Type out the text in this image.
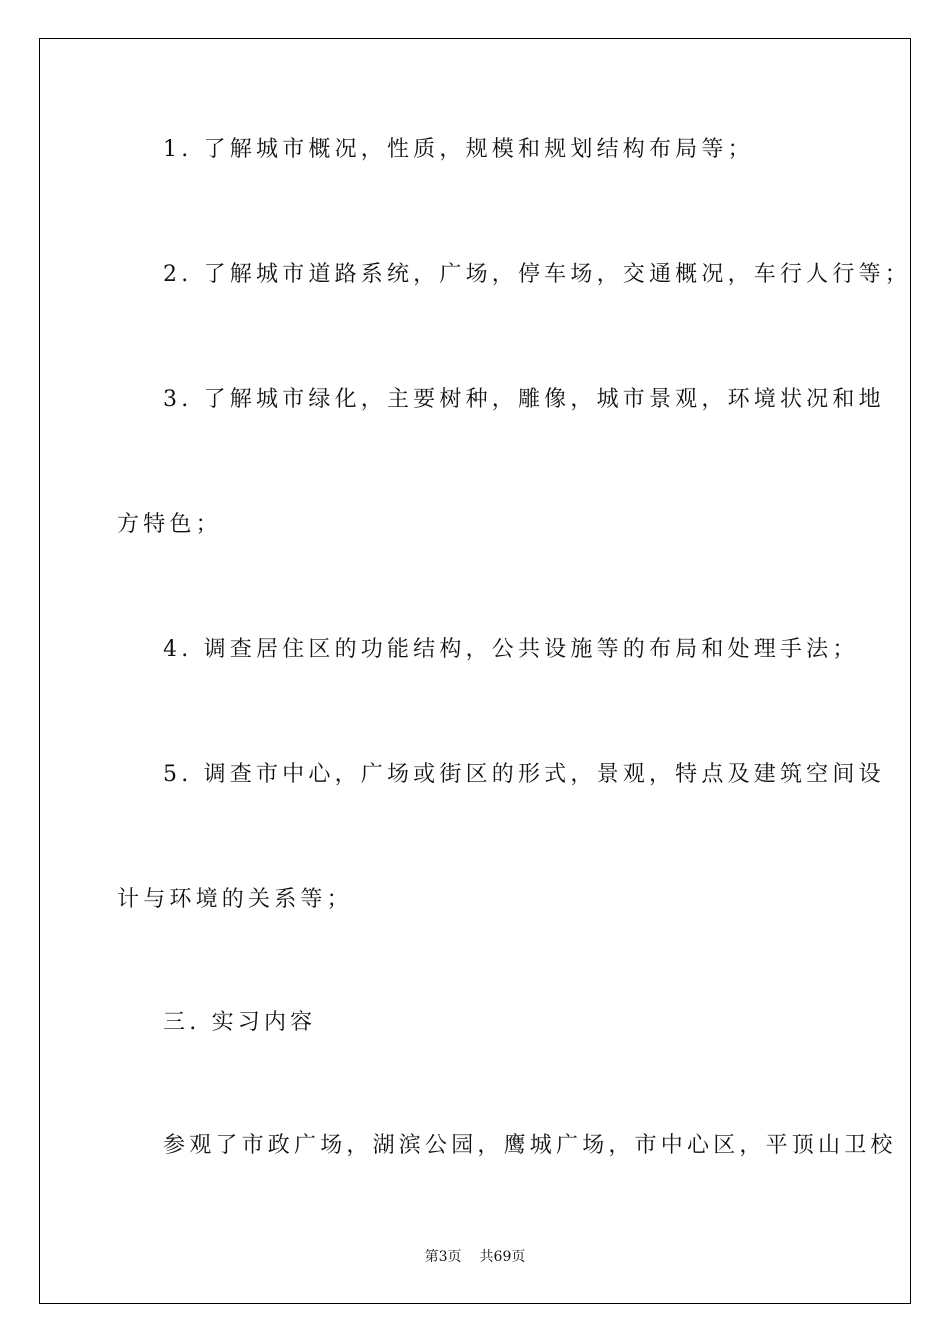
1. 了解城市概况，性质，规模和规划结构布局等；

2. 了解城市道路系统，广场，停车场，交通概况，车行人行等；

3. 了解城市绿化，主要树种，雕像，城市景观，环境状况和地

方特色；

4. 调查居住区的功能结构，公共设施等的布局和处理手法；

5. 调查市中心，广场或街区的形式，景观，特点及建筑空间设

计与环境的关系等；

三. 实习内容

参观了市政广场，湖滨公园，鹰城广场，市中心区，平顶山卫校

第3页 共69页
